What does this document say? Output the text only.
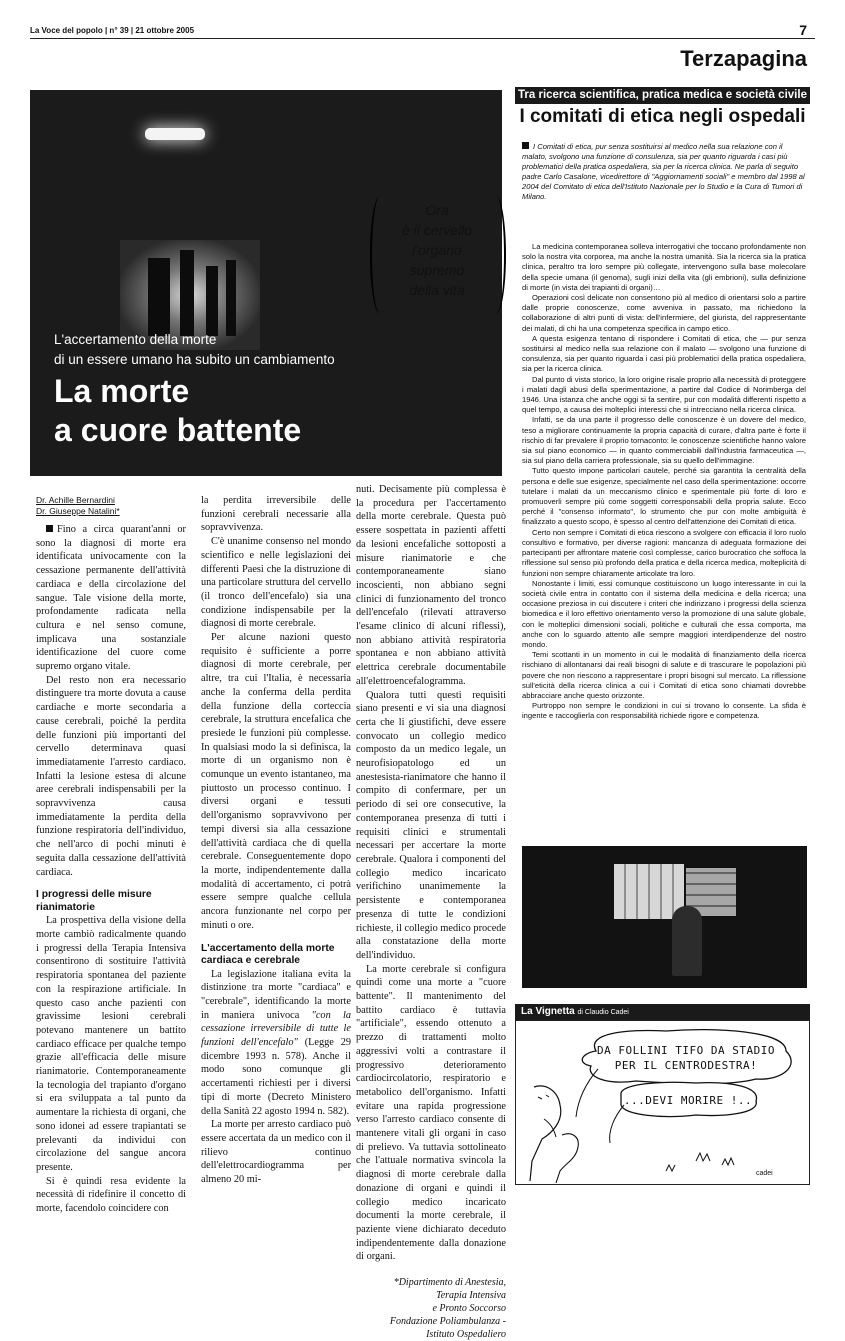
La Voce del popolo | n° 39 | 21 ottobre 2005	7
Terzapagina
L'accertamento della morte
di un essere umano ha subito un cambiamento
La morte
a cuore battente
Ora
è il cervello
l'organo
supremo
della vita
Dr. Achille Bernardini
Dr. Giuseppe Natalini*

Fino a circa quarant'anni or sono la diagnosi di morte era identificata univocamente con la cessazione permanente dell'attività cardiaca e della circolazione del sangue. Tale visione della morte, profondamente radicata nella cultura e nel senso comune, implicava una sostanziale identificazione del cuore come supremo organo vitale.

Del resto non era necessario distinguere tra morte dovuta a cause cardiache e morte secondaria a cause cerebrali, poiché la perdita delle funzioni più importanti del cervello determinava quasi immediatamente l'arresto cardiaco. Infatti la lesione estesa di alcune aree cerebrali indispensabili per la sopravvivenza causa immediatamente la perdita della funzione respiratoria dell'individuo, che nell'arco di pochi minuti è seguita dalla cessazione dell'attività cardiaca.

I progressi delle misure rianimatorie

La prospettiva della visione della morte cambiò radicalmente quando i progressi della Terapia Intensiva consentirono di sostituire l'attività respiratoria spontanea del paziente con la respirazione artificiale. In questo caso anche pazienti con gravissime lesioni cerebrali potevano mantenere un battito cardiaco efficace per qualche tempo grazie all'efficacia delle misure rianimatorie. Contemporaneamente la tecnologia del trapianto d'organo si era sviluppata a tal punto da aumentare la richiesta di organi, che sono idonei ad essere trapiantati se prelevanti da individui con circolazione del sangue ancora presente.

Si è quindi resa evidente la necessità di ridefinire il concetto di morte, facendolo coincidere con

la perdita irreversibile delle funzioni cerebrali necessarie alla sopravvivenza.

C'è unanime consenso nel mondo scientifico e nelle legislazioni dei differenti Paesi che la distruzione di una particolare struttura del cervello (il tronco dell'encefalo) sia una condizione indispensabile per la diagnosi di morte cerebrale.

Per alcune nazioni questo requisito è sufficiente a porre diagnosi di morte cerebrale, per altre, tra cui l'Italia, è necessaria anche la conferma della perdita della funzione della corteccia cerebrale, la struttura encefalica che presiede le funzioni più complesse. In qualsiasi modo la si definisca, la morte di un organismo non è comunque un evento istantaneo, ma piuttosto un processo continuo. I diversi organi e tessuti dell'organismo sopravvivono per tempi diversi sia alla cessazione dell'attività cardiaca che di quella cerebrale. Conseguentemente dopo la morte, indipendentemente dalla modalità di accertamento, ci potrà essere sempre qualche cellula ancora funzionante nel corpo per minuti o ore.

L'accertamento della morte cardiaca e cerebrale

La legislazione italiana evita la distinzione tra morte "cardiaca" e "cerebrale", identificando la morte in maniera univoca "con la cessazione irreversibile di tutte le funzioni dell'encefalo" (Legge 29 dicembre 1993 n. 578). Anche il modo sono comunque gli accertamenti richiesti per i diversi tipi di morte (Decreto Ministero della Sanità 22 agosto 1994 n. 582).

La morte per arresto cardiaco può essere accertata da un medico con il rilievo continuo dell'elettrocardiogramma per almeno 20 mi-

nuti. Decisamente più complessa è la procedura per l'accertamento della morte cerebrale. Questa può essere sospettata in pazienti affetti da lesioni encefaliche sottoposti a misure rianimatorie e che contemporaneamente siano incoscienti, non abbiano segni clinici di funzionamento del tronco dell'encefalo (rilevati attraverso l'esame clinico di alcuni riflessi), non abbiano attività respiratoria spontanea e non abbiano attività elettrica cerebrale documentabile all'elettroencefalogramma.

Qualora tutti questi requisiti siano presenti e vi sia una diagnosi certa che li giustifichi, deve essere convocato un collegio medico composto da un medico legale, un neurofisiopatologo ed un anestesista-rianimatore che hanno il compito di confermare, per un periodo di sei ore consecutive, la contemporanea presenza di tutti i requisiti clinici e strumentali necessari per accertare la morte cerebrale. Qualora i componenti del collegio medico incaricato verifichino unanimemente la persistente e contemporanea presenza di tutte le condizioni richieste, il collegio medico procede alla constatazione della morte dell'individuo.

La morte cerebrale si configura quindi come una morte a "cuore battente". Il mantenimento del battito cardiaco è tuttavia "artificiale", essendo ottenuto a prezzo di trattamenti molto aggressivi volti a contrastare il progressivo deterioramento cardiocircolatorio, respiratorio e metabolico dell'organismo. Infatti evitare una rapida progressione verso l'arresto cardiaco consente di mantenere vitali gli organi in caso di prelievo. Va tuttavia sottolineato che l'attuale normativa svincola la diagnosi di morte cerebrale dalla donazione di organi e quindi il collegio medico incaricato documenti la morte cerebrale, il paziente viene dichiarato deceduto indipendentemente dalla donazione di organi.

*Dipartimento di Anestesia,
Terapia Intensiva
e Pronto Soccorso
Fondazione Poliambulanza -
Istituto Ospedaliero
Tra ricerca scientifica, pratica medica e società civile
I comitati di etica negli ospedali
I Comitati di etica, pur senza sostituirsi al medico nella sua relazione con il malato, svolgono una funzione di consulenza, sia per quanto riguarda i casi più problematici della pratica ospedaliera, sia per la ricerca clinica. Ne parla di seguito padre Carlo Casalone, vicedirettore di "Aggiornamenti sociali" e membro dal 1998 al 2004 del Comitato di etica dell'Istituto Nazionale per lo Studio e la Cura di Tumori di Milano.

La medicina contemporanea solleva interrogativi che toccano profondamente non solo la nostra vita corporea, ma anche la nostra umanità. Sia la ricerca sia la pratica clinica, peraltro tra loro sempre più collegate, intervengono sulla base molecolare della specie umana (il genoma), sugli inizi della vita (gli embrioni), sulla definizione di morte (in vista dei trapianti di organi)…

Operazioni così delicate non consentono più al medico di orientarsi solo a partire dalle proprie conoscenze, come avveniva in passato, ma richiedono la collaborazione di altri punti di vista: dell'infermiere, del giurista, del rappresentante dei malati, di chi ha una competenza specifica in campo etico.

A questa esigenza tentano di rispondere i Comitati di etica, che — pur senza sostituirsi al medico nella sua relazione con il malato — svolgono una funzione di consulenza, sia per quanto riguarda i casi più problematici della pratica ospedaliera, sia per la ricerca clinica.

Dal punto di vista storico, la loro origine risale proprio alla necessità di proteggere i malati dagli abusi della sperimentazione, a partire dal Codice di Norimberga del 1946. Una istanza che anche oggi si fa sentire, pur con modalità differenti rispetto a quel tempo, a causa dei molteplici interessi che si intrecciano nella ricerca clinica.

Infatti, se da una parte il progresso delle conoscenze è un dovere del medico, teso a migliorare continuamente la propria capacità di curare, d'altra parte è forte il rischio di far prevalere il proprio tornaconto: le conoscenze scientifiche hanno valore sia sul piano economico — in quanto commerciabili dall'industria farmaceutica —, sia sul piano della carriera professionale, sia su quello dell'immagine.

Tutto questo impone particolari cautele, perché sia garantita la centralità della persona e delle sue esigenze, specialmente nel caso della sperimentazione: occorre tutelare i malati da un meccanismo clinico e sperimentale più forte di loro e promuoverli sempre più come soggetti corresponsabili della propria salute. Ecco perché il "consenso informato", lo strumento che pur con molte ambiguità è finalizzato a questo scopo, è spesso al centro dell'attenzione dei Comitati di etica.

Certo non sempre i Comitati di etica riescono a svolgere con efficacia il loro ruolo consultivo e formativo, per diverse ragioni: mancanza di adeguata formazione dei partecipanti per affrontare materie così complesse, carico burocratico che soffoca la riflessione sul senso più profondo della pratica e della ricerca medica, molteplicità di funzioni non sempre chiaramente articolate tra loro.

Nonostante i limiti, essi comunque costituiscono un luogo interessante in cui la società civile entra in contatto con il sistema della medicina e della ricerca; una occasione preziosa in cui discutere i criteri che indirizzano i progressi della scienza biomedica e il loro effettivo orientamento verso la promozione di una salute globale, con le molteplici dimensioni sociali, politiche e culturali che essa comporta, ma anche con lo sguardo attento alle sempre maggiori interdipendenze del nostro mondo.

Temi scottanti in un momento in cui le modalità di finanziamento della ricerca rischiano di allontanarsi dai reali bisogni di salute e di trascurare le popolazioni più povere che non riescono a rappresentare i propri bisogni sul mercato. La riflessione sull'eticità della ricerca clinica a cui i Comitati di etica sono chiamati dovrebbe abbracciare anche questo orizzonte.

Purtroppo non sempre le condizioni in cui si trovano lo consente. La sfida è ingente e raccoglierla con responsabilità richiede rigore e competenza.

La Vignetta di Claudio Cadei
DA FOLLINI TIFO DA STADIO
PER IL CENTRODESTRA!
...DEVI MORIRE !..
cadei
